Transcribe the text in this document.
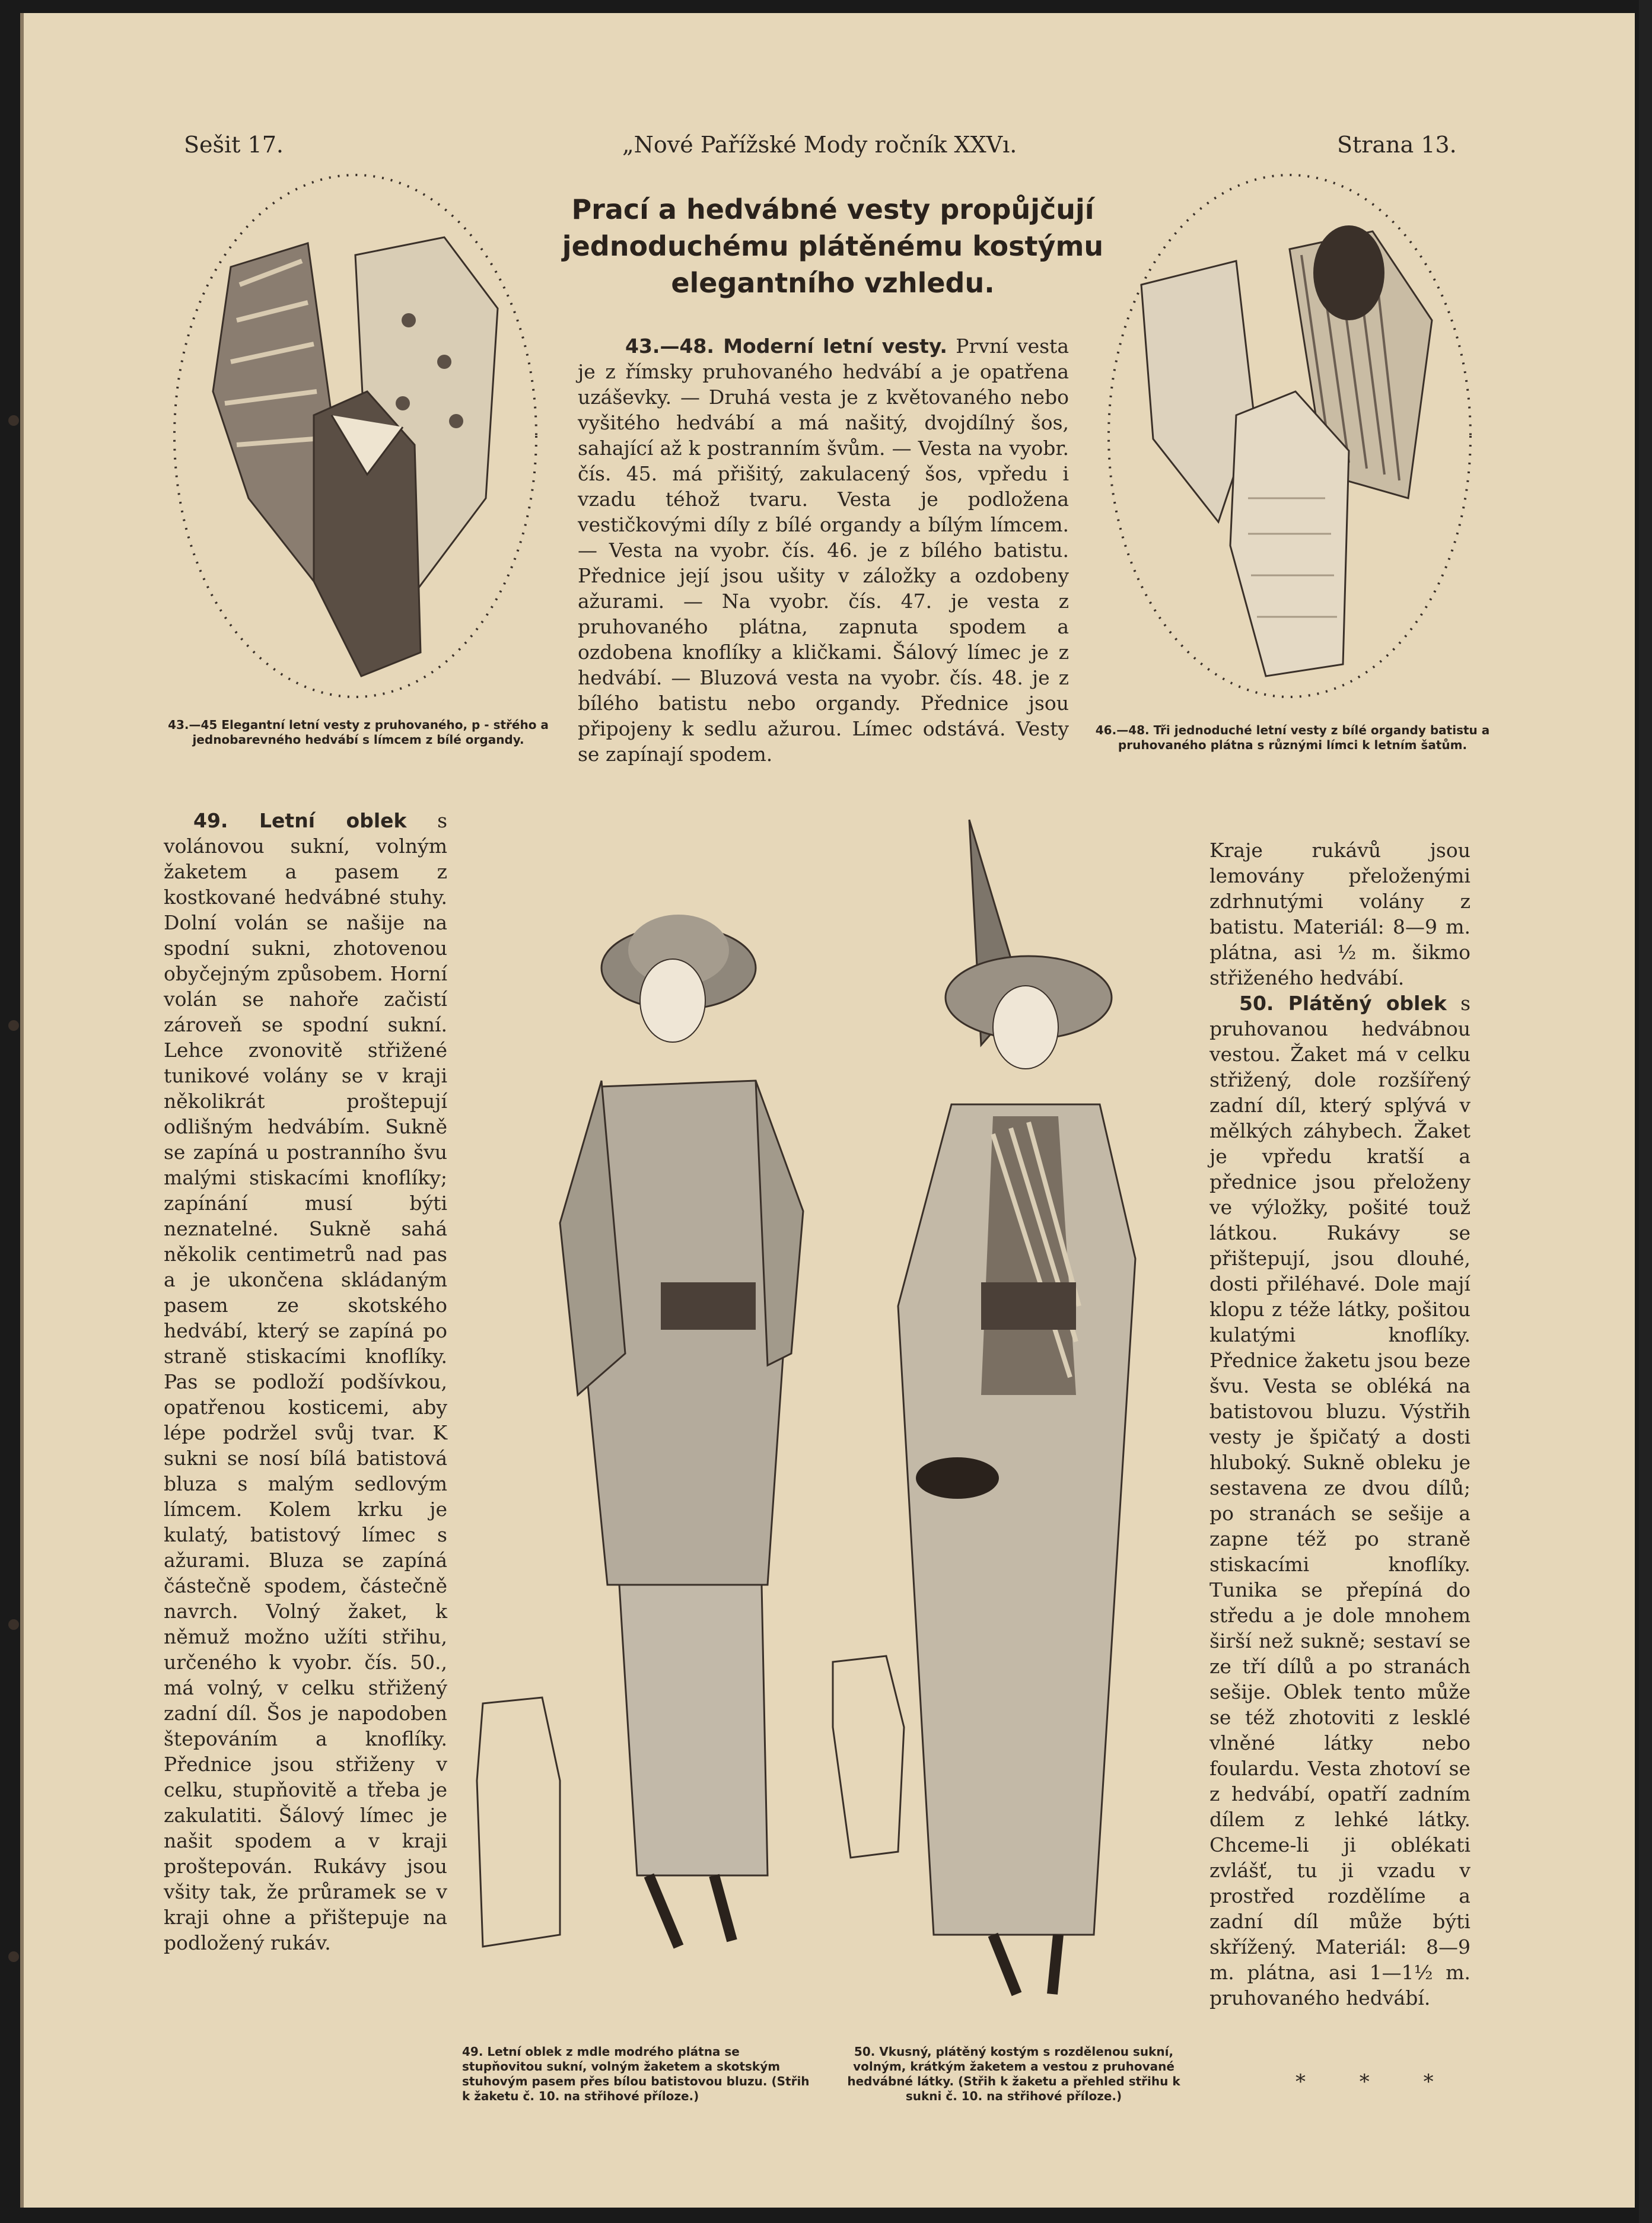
Sešit 17.	„Nové Pařížské Mody ročník XXVı.	Strana 13.
Prací a hedvábné vesty propůjčují jednoduchému plátěnému kostýmu elegantního vzhledu.

43.—45 Elegantní letní vesty z pruhovaného, p - střého a jednobarevného hedvábí s límcem z bílé organdy.

46.—48. Tři jednoduché letní vesty z bílé organdy batistu a pruhovaného plátna s různými límci k letním šatům.

43.—48. Moderní letní vesty. První vesta je z římsky pruhovaného hedvábí a je opatřena uzáševky. — Druhá vesta je z květovaného nebo vyšitého hedvábí a má našitý, dvojdílný šos, sahající až k postranním švům. — Vesta na vyobr. čís. 45. má přišitý, zakulacený šos, vpředu i vzadu téhož tvaru. Vesta je podložena vestičkovými díly z bílé organdy a bílým límcem. — Vesta na vyobr. čís. 46. je z bílého batistu. Přednice její jsou ušity v záložky a ozdobeny ažurami. — Na vyobr. čís. 47. je vesta z pruhovaného plátna, zapnuta spodem a ozdobena knoflíky a kličkami. Šálový límec je z hedvábí. — Bluzová vesta na vyobr. čís. 48. je z bílého batistu nebo organdy. Přednice jsou připojeny k sedlu ažurou. Límec odstává. Vesty se zapínají spodem.

49. Letní oblek s volánovou sukní, volným žaketem a pasem z kostkované hedvábné stuhy. Dolní volán se našije na spodní sukni, zhotovenou obyčejným způsobem. Horní volán se nahoře začistí zároveň se spodní sukní. Lehce zvonovitě střižené tunikové volány se v kraji několikrát proštepují odlišným hedvábím. Sukně se zapíná u postranního švu malými stiskacími knoflíky; zapínání musí býti neznatelné. Sukně sahá několik centimetrů nad pas a je ukončena skládaným pasem ze skotského hedvábí, který se zapíná po straně stiskacími knoflíky. Pas se podloží podšívkou, opatřenou kosticemi, aby lépe podržel svůj tvar. K sukni se nosí bílá batistová bluza s malým sedlovým límcem. Kolem krku je kulatý, batistový límec s ažurami. Bluza se zapíná částečně spodem, částečně navrch. Volný žaket, k němuž možno užíti střihu, určeného k vyobr. čís. 50., má volný, v celku střižený zadní díl. Šos je napodoben štepováním a knoflíky. Přednice jsou střiženy v celku, stupňovitě a třeba je zakulatiti. Šálový límec je našit spodem a v kraji proštepován. Rukávy jsou všity tak, že průramek se v kraji ohne a přištepuje na podložený rukáv.

49. Letní oblek z mdle modrého plátna se stupňovitou sukní, volným žaketem a skotským stuhovým pasem přes bílou batistovou bluzu. (Střih k žaketu č. 10. na střihové příloze.)

50. Vkusný, plátěný kostým s rozdělenou sukní, volným, krátkým žaketem a vestou z pruhované hedvábné látky. (Střih k žaketu a přehled střihu k sukni č. 10. na střihové příloze.)

Kraje rukávů jsou lemovány přeloženými zdrhnutými volány z batistu. Materiál: 8—9 m. plátna, asi ½ m. šikmo střiženého hedvábí.

50. Plátěný oblek s pruhovanou hedvábnou vestou. Žaket má v celku střižený, dole rozšířený zadní díl, který splývá v mělkých záhybech. Žaket je vpředu kratší a přednice jsou přeloženy ve výložky, pošité touž látkou. Rukávy se přištepují, jsou dlouhé, dosti přiléhavé. Dole mají klopu z téže látky, pošitou kulatými knoflíky. Přednice žaketu jsou beze švu. Vesta se obléká na batistovou bluzu. Výstřih vesty je špičatý a dosti hluboký. Sukně obleku je sestavena ze dvou dílů; po stranách se sešije a zapne též po straně stiskacími knoflíky. Tunika se přepíná do středu a je dole mnohem širší než sukně; sestaví se ze tří dílů a po stranách sešije. Oblek tento může se též zhotoviti z lesklé vlněné látky nebo foulardu. Vesta zhotoví se z hedvábí, opatří zadním dílem z lehké látky. Chceme-li ji oblékati zvlášť, tu ji vzadu v prostřed rozdělíme a zadní díl může býti skřížený. Materiál: 8—9 m. plátna, asi 1—1½ m. pruhovaného hedvábí.

* * *
